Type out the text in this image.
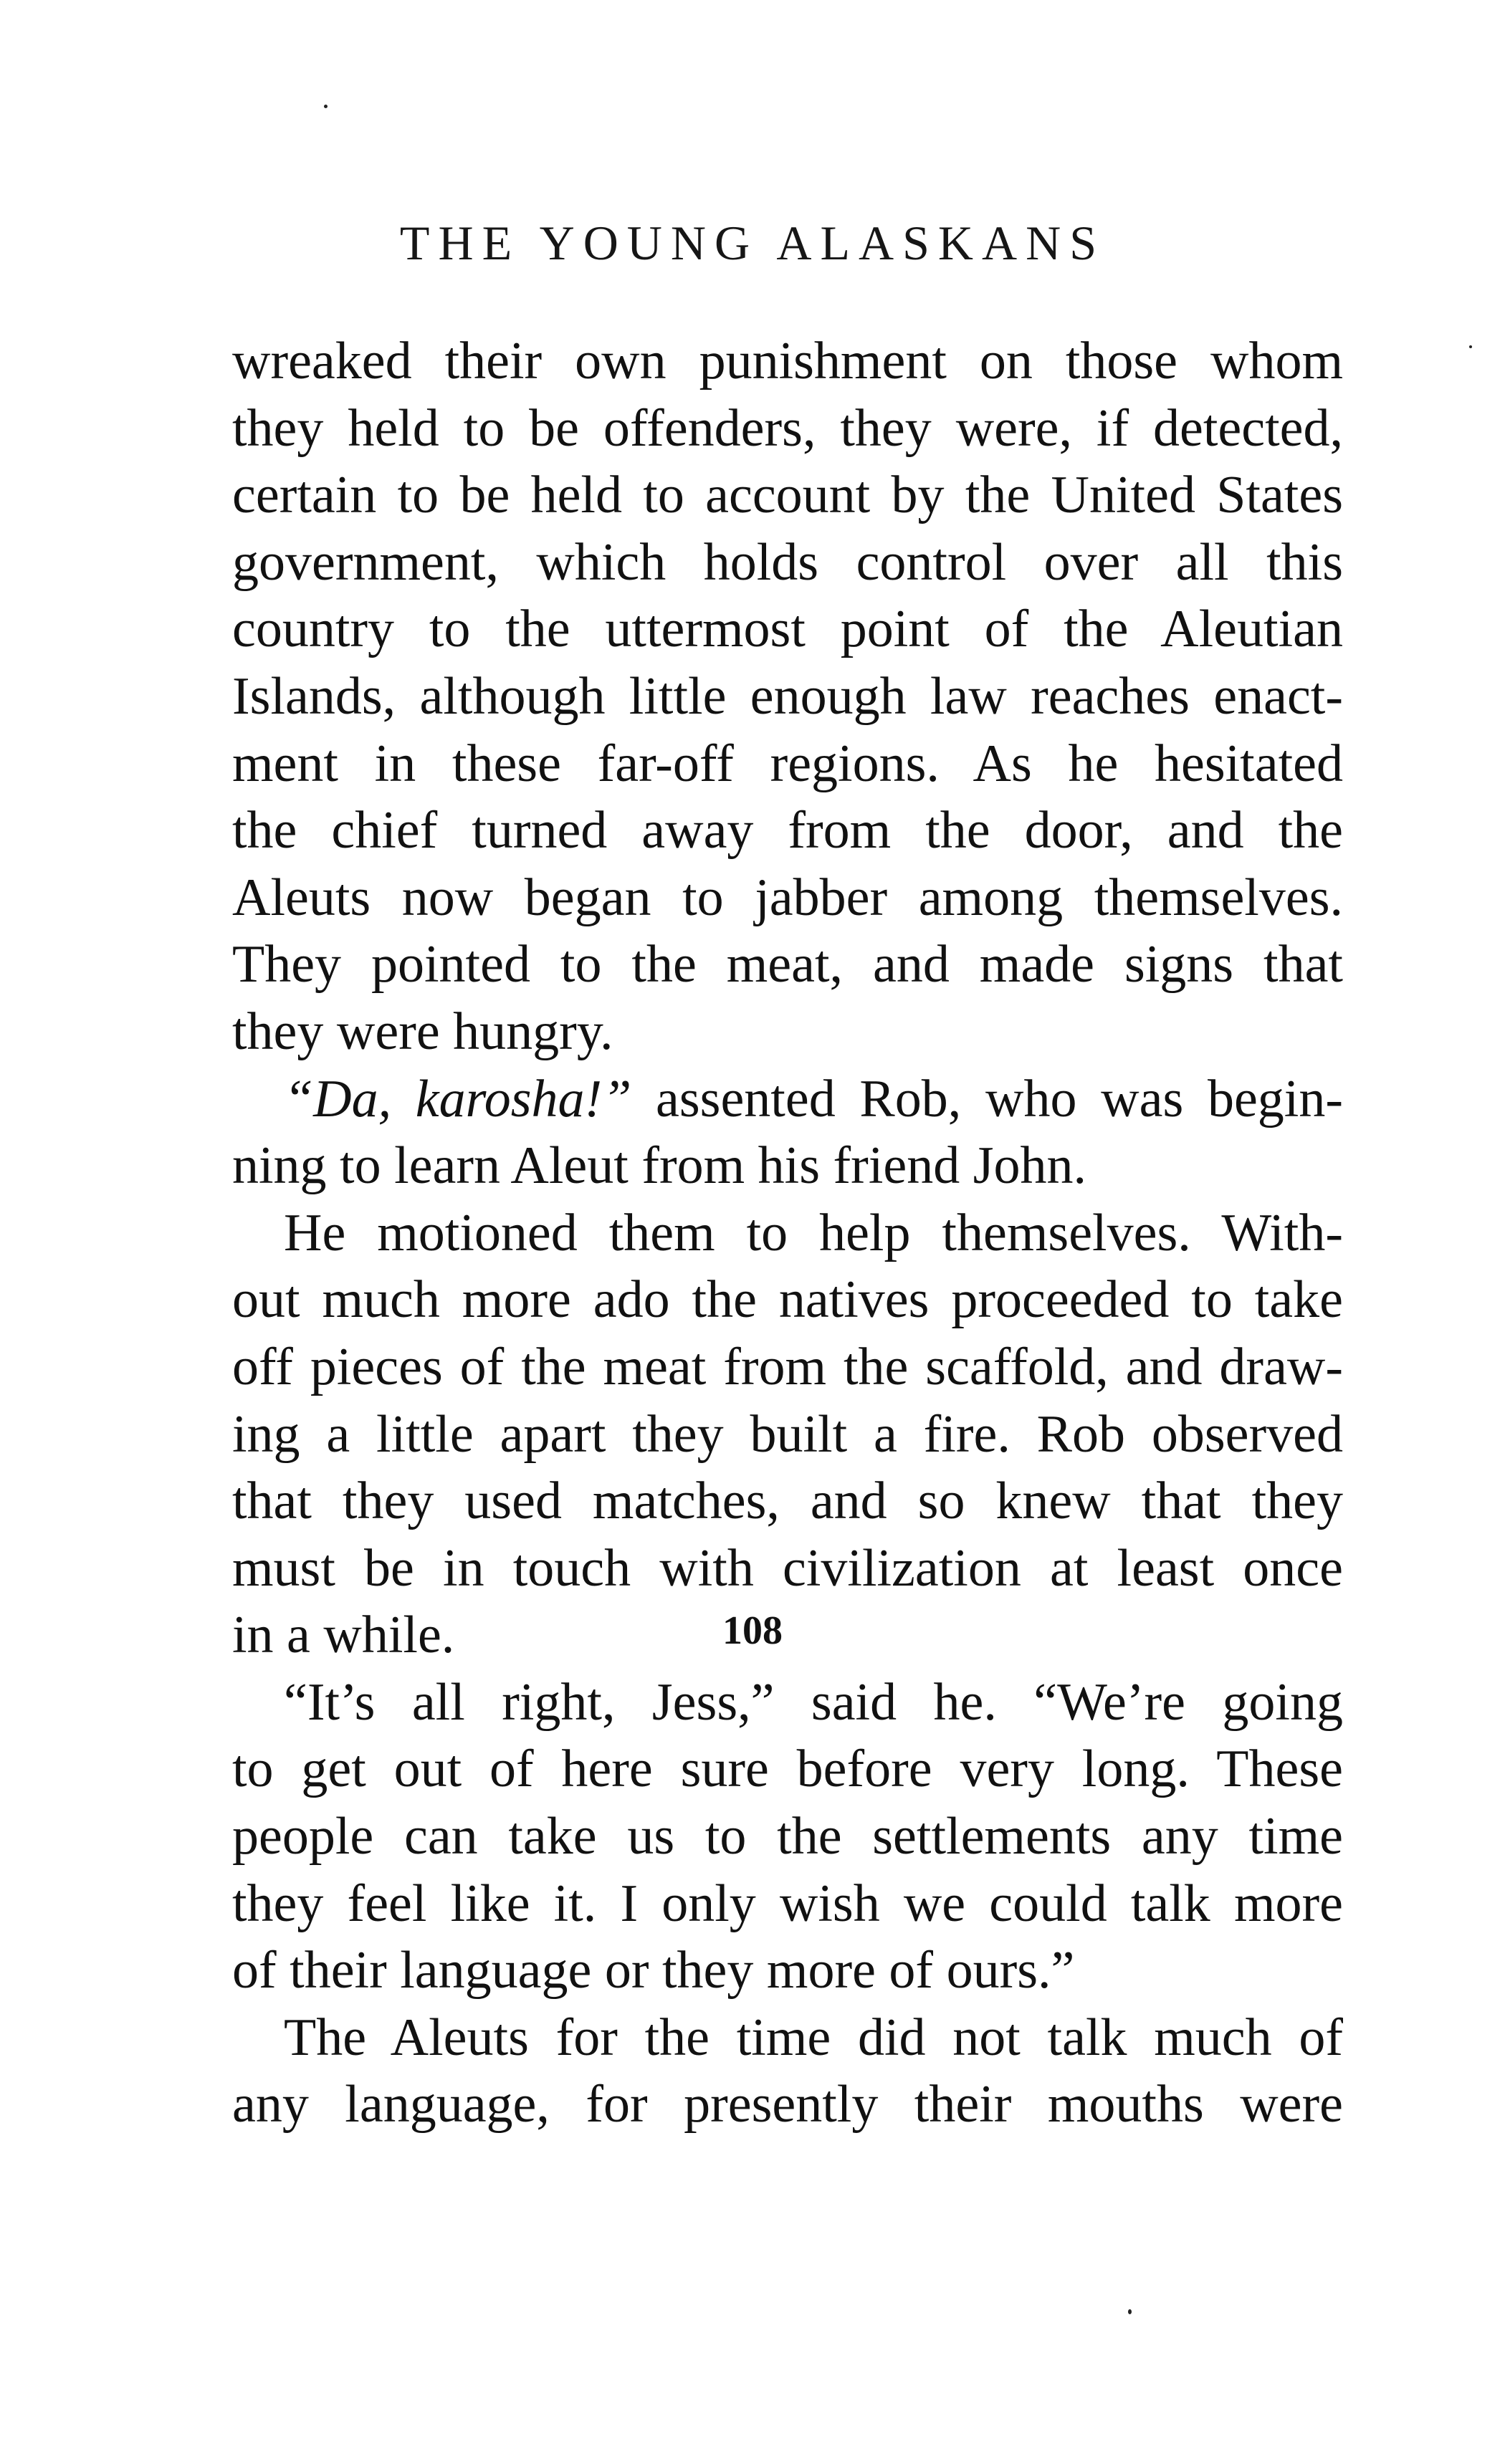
THE YOUNG ALASKANS
wreaked their own punishment on those whom
they held to be offenders, they were, if detected,
certain to be held to account by the United States
government, which holds control over all this
country to the uttermost point of the Aleutian
Islands, although little enough law reaches enact-
ment in these far-off regions. As he hesitated
the chief turned away from the door, and the
Aleuts now began to jabber among themselves.
They pointed to the meat, and made signs that
they were hungry.
“Da, karosha!” assented Rob, who was begin-
ning to learn Aleut from his friend John.
He motioned them to help themselves. With-
out much more ado the natives proceeded to take
off pieces of the meat from the scaffold, and draw-
ing a little apart they built a fire. Rob observed
that they used matches, and so knew that they
must be in touch with civilization at least once
in a while.
“It’s all right, Jess,” said he. “We’re going
to get out of here sure before very long. These
people can take us to the settlements any time
they feel like it. I only wish we could talk more
of their language or they more of ours.”
The Aleuts for the time did not talk much of
any language, for presently their mouths were
108
